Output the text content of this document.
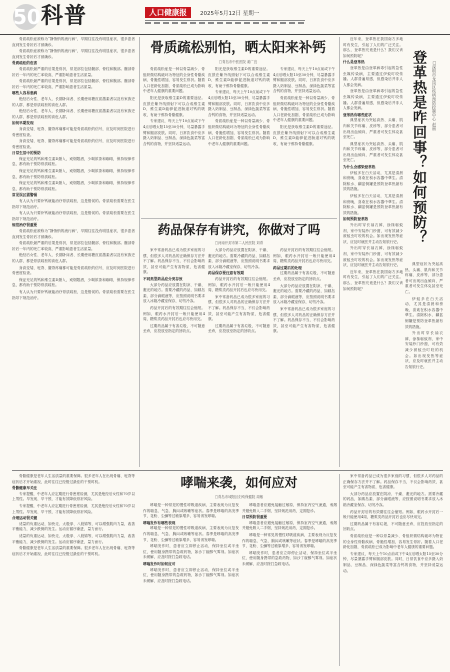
50 科普	人口健康报	2025年5月12日 星期一

骨质疏松症被称为“静悄悄的流行病”，早期往往没有明显症状，很多患者直到发生骨折后才被确诊。

骨质疏松症被称为“静悄悄的流行病”，早期往往没有明显症状，很多患者直到发生骨折后才被确诊。

骨质疏松的危害

骨质疏松最严重的后果是骨折，常见部位包括髋部、脊柱和腕部。髋部骨折后一年内的死亡率较高，严重影响患者生活质量。

骨质疏松最严重的后果是骨折，常见部位包括髋部、脊柱和腕部。髋部骨折后一年内的死亡率较高，严重影响患者生活质量。

哪些人容易患病

绝经后女性、老年人、长期卧床者、长期使用糖皮质激素者以及有家族史的人群，都是骨质疏松的高危人群。

绝经后女性、老年人、长期卧床者、长期使用糖皮质激素者以及有家族史的人群，都是骨质疏松的高危人群。

如何早期发现

身高变矮、驼背、腰背疼痛都可能是骨质疏松的信号，应及时到医院进行骨密度检查。

身高变矮、驼背、腰背疼痛都可能是骨质疏松的信号，应及时到医院进行骨密度检查。

日常生活中的预防

保证充足的钙和维生素D摄入，戒烟限酒，少喝浓茶和咖啡，保持规律作息，都有助于预防骨质疏松。

保证充足的钙和维生素D摄入，戒烟限酒，少喝浓茶和咖啡，保持规律作息，都有助于预防骨质疏松。

保证充足的钙和维生素D摄入，戒烟限酒，少喝浓茶和咖啡，保持规律作息，都有助于预防骨质疏松。

常见误区需警惕

有人认为只要补钙就能治疗骨质疏松，这是错误的。骨质疏松需要在医生指导下规范治疗。

有人认为只要补钙就能治疗骨质疏松，这是错误的。骨质疏松需要在医生指导下规范治疗。

规范治疗很重要

骨质疏松症被称为“静悄悄的流行病”，早期往往没有明显症状，很多患者直到发生骨折后才被确诊。

骨质疏松最严重的后果是骨折，常见部位包括髋部、脊柱和腕部。髋部骨折后一年内的死亡率较高，严重影响患者生活质量。

绝经后女性、老年人、长期卧床者、长期使用糖皮质激素者以及有家族史的人群，都是骨质疏松的高危人群。

身高变矮、驼背、腰背疼痛都可能是骨质疏松的信号，应及时到医院进行骨密度检查。

保证充足的钙和维生素D摄入，戒烟限酒，少喝浓茶和咖啡，保持规律作息，都有助于预防骨质疏松。

有人认为只要补钙就能治疗骨质疏松，这是错误的。骨质疏松需要在医生指导下规范治疗。

骨质疏松别怕，晒太阳来补钙
□青岛市中医医院 姜广宜

骨质疏松症是一种以骨量减少、骨组织微结构破坏为特征的全身性骨骼疾病，骨脆性增加，容易发生骨折。随着人口老龄化加剧，骨质疏松已成为影响中老年人健康的重要问题。

阳光是获取维生素D的重要途径。皮肤在紫外线照射下可以合成维生素D，维生素D能够促进肠道对钙的吸收，有助于维持骨骼健康。

专家建议，每天上午10点前或下午4点后晒太阳15至30分钟，尽量暴露手臂和腿部皮肤。同时，日常饮食中应多摄入奶制品、豆制品、深绿色蔬菜等富含钙的食物，并坚持适量运动。

阳光是获取维生素D的重要途径。皮肤在紫外线照射下可以合成维生素D，维生素D能够促进肠道对钙的吸收，有助于维持骨骼健康。

专家建议，每天上午10点前或下午4点后晒太阳15至30分钟，尽量暴露手臂和腿部皮肤。同时，日常饮食中应多摄入奶制品、豆制品、深绿色蔬菜等富含钙的食物，并坚持适量运动。

骨质疏松症是一种以骨量减少、骨组织微结构破坏为特征的全身性骨骼疾病，骨脆性增加，容易发生骨折。随着人口老龄化加剧，骨质疏松已成为影响中老年人健康的重要问题。

专家建议，每天上午10点前或下午4点后晒太阳15至30分钟，尽量暴露手臂和腿部皮肤。同时，日常饮食中应多摄入奶制品、豆制品、深绿色蔬菜等富含钙的食物，并坚持适量运动。

骨质疏松症是一种以骨量减少、骨组织微结构破坏为特征的全身性骨骼疾病，骨脆性增加，容易发生骨折。随着人口老龄化加剧，骨质疏松已成为影响中老年人健康的重要问题。

阳光是获取维生素D的重要途径。皮肤在紫外线照射下可以合成维生素D，维生素D能够促进肠道对钙的吸收，有助于维持骨骼健康。

药品保存有讲究，你做对了吗
□河南开封市第二人民医院 刘青

家中常备药品已成为很多家庭的习惯，但很多人对药品的正确保存方法并不了解。药品保存不当，不仅会影响药效，甚至可能产生有害物质，危害健康。

不同类型药品应分类存放

大部分药品应放置在阴凉、干燥、避光的地方。需要冷藏的药品，如胰岛素、部分滴眼液等，应按照说明书要求放入冰箱冷藏室保存，切勿冷冻。

药品开封后的有效期往往会缩短。例如，眼药水开封后一般只能使用4周，糖浆类药品开封后也应尽快用完。

过期药品属于有害垃圾，不可随意丢弃，应投放至指定的回收点。

大部分药品应放置在阴凉、干燥、避光的地方。需要冷藏的药品，如胰岛素、部分滴眼液等，应按照说明书要求放入冰箱冷藏室保存，切勿冷冻。

药品保存要注意有效期

药品开封后的有效期往往会缩短。例如，眼药水开封后一般只能使用4周，糖浆类药品开封后也应尽快用完。

家中常备药品已成为很多家庭的习惯，但很多人对药品的正确保存方法并不了解。药品保存不当，不仅会影响药效，甚至可能产生有害物质，危害健康。

过期药品属于有害垃圾，不可随意丢弃，应投放至指定的回收点。

药品开封后的有效期往往会缩短。例如，眼药水开封后一般只能使用4周，糖浆类药品开封后也应尽快用完。

药品过期后的处理

过期药品属于有害垃圾，不可随意丢弃，应投放至指定的回收点。

大部分药品应放置在阴凉、干燥、避光的地方。需要冷藏的药品，如胰岛素、部分滴眼液等，应按照说明书要求放入冰箱冷藏室保存，切勿冷冻。

家中常备药品已成为很多家庭的习惯，但很多人对药品的正确保存方法并不了解。药品保存不当，不仅会影响药效，甚至可能产生有害物质，危害健康。

近年来，登革热在我国南方多地时有发生，引起了人们的广泛关注。那么，登革热究竟是什么？我们又该如何预防呢？

什么是登革热

登革热是由登革病毒引起的急性虫媒传染病，主要通过伊蚊叮咬传播。人群普遍易感，但感染后并非人人都会发病。

登革热是由登革病毒引起的急性虫媒传染病，主要通过伊蚊叮咬传播。人群普遍易感，但感染后并非人人都会发病。

登革热有哪些症状

典型症状为突起高热、头痛、肌肉和关节疼痛、皮疹等，部分患者可出现出血倾向，严重者可发生休克甚至死亡。

典型症状为突起高热、头痛、肌肉和关节疼痛、皮疹等，部分患者可出现出血倾向，严重者可发生休克甚至死亡。

为什么会感染登革热

伊蚊多在白天活动，尤其是清晨和傍晚，喜欢在积水容器中孳生。清除积水、翻盆倒罐是预防登革热最有效的措施。

伊蚊多在白天活动，尤其是清晨和傍晚，喜欢在积水容器中孳生。清除积水、翻盆倒罐是预防登革热最有效的措施。

如何预防登革热

外出时穿长袖衣裤，涂抹驱蚊剂，家中安装纱门纱窗，可有效减少被蚊虫叮咬的机会。如出现发热等症状，应及时就医并主动告知旅行史。

外出时穿长袖衣裤，涂抹驱蚊剂，家中安装纱门纱窗，可有效减少被蚊虫叮咬的机会。如出现发热等症状，应及时就医并主动告知旅行史。

近年来，登革热在我国南方多地时有发生，引起了人们的广泛关注。那么，登革热究竟是什么？我们又该如何预防呢？

登革热是咋回事？如何预防？	□深圳市龙岗区疾病预防控制中心 赵丽

典型症状为突起高热、头痛、肌肉和关节疼痛、皮疹等，部分患者可出现出血倾向，严重者可发生休克甚至死亡。

伊蚊多在白天活动，尤其是清晨和傍晚，喜欢在积水容器中孳生。清除积水、翻盆倒罐是预防登革热最有效的措施。

外出时穿长袖衣裤，涂抹驱蚊剂，家中安装纱门纱窗，可有效减少被蚊虫叮咬的机会。如出现发热等症状，应及时就医并主动告知旅行史。

骨骼健康是老年人生活质量的重要保障。很多老年人在出现骨痛、驼背等症状后才开始重视，此时往往已经错过最佳的干预时机。

骨骼健康早关注

专家提醒，中老年人应定期进行骨密度检测，尤其是绝经后女性和70岁以上男性。早发现、早干预，才能有效降低骨折风险。

专家提醒，中老年人应定期进行骨密度检测，尤其是绝经后女性和70岁以上男性。早发现、早干预，才能有效降低骨折风险。

合理运动很关键

适量的负重运动，如快走、太极拳、八段锦等，可以增强肌肉力量，改善平衡能力，减少跌倒的发生。运动应循序渐进，量力而行。

适量的负重运动，如快走、太极拳、八段锦等，可以增强肌肉力量，改善平衡能力，减少跌倒的发生。运动应循序渐进，量力而行。

骨骼健康是老年人生活质量的重要保障。很多老年人在出现骨痛、驼背等症状后才开始重视，此时往往已经错过最佳的干预时机。

哮喘来袭，如何应对
□青岛市城阳区妇幼保健院 周敏

哮喘是一种常见的慢性呼吸道疾病，主要表现为反复发作的喘息、气急、胸闷或咳嗽等症状。春季是哮喘的高发季节，花粉、尘螨等过敏原增多，容易诱发哮喘。

哮喘发作有哪些表现

哮喘是一种常见的慢性呼吸道疾病，主要表现为反复发作的喘息、气急、胸闷或咳嗽等症状。春季是哮喘的高发季节，花粉、尘螨等过敏原增多，容易诱发哮喘。

哮喘发作时，患者应立即停止活动，保持坐位或半坐位，使用随身携带的急救药物，如沙丁胺醇气雾剂。如症状未缓解，应及时拨打急救电话。

哮喘发作时如何应对

哮喘发作时，患者应立即停止活动，保持坐位或半坐位，使用随身携带的急救药物，如沙丁胺醇气雾剂。如症状未缓解，应及时拨打急救电话。

哮喘患者应避免接触过敏原，保持室内空气流通，戒烟并避免吸入二手烟，坚持规范用药，定期复诊。

日常预防很重要

哮喘患者应避免接触过敏原，保持室内空气流通，戒烟并避免吸入二手烟，坚持规范用药，定期复诊。

哮喘是一种常见的慢性呼吸道疾病，主要表现为反复发作的喘息、气急、胸闷或咳嗽等症状。春季是哮喘的高发季节，花粉、尘螨等过敏原增多，容易诱发哮喘。

哮喘发作时，患者应立即停止活动，保持坐位或半坐位，使用随身携带的急救药物，如沙丁胺醇气雾剂。如症状未缓解，应及时拨打急救电话。

家中常备药品已成为很多家庭的习惯，但很多人对药品的正确保存方法并不了解。药品保存不当，不仅会影响药效，甚至可能产生有害物质，危害健康。

大部分药品应放置在阴凉、干燥、避光的地方。需要冷藏的药品，如胰岛素、部分滴眼液等，应按照说明书要求放入冰箱冷藏室保存，切勿冷冻。

药品开封后的有效期往往会缩短。例如，眼药水开封后一般只能使用4周，糖浆类药品开封后也应尽快用完。

过期药品属于有害垃圾，不可随意丢弃，应投放至指定的回收点。

骨质疏松症是一种以骨量减少、骨组织微结构破坏为特征的全身性骨骼疾病，骨脆性增加，容易发生骨折。随着人口老龄化加剧，骨质疏松已成为影响中老年人健康的重要问题。

专家建议，每天上午10点前或下午4点后晒太阳15至30分钟，尽量暴露手臂和腿部皮肤。同时，日常饮食中应多摄入奶制品、豆制品、深绿色蔬菜等富含钙的食物，并坚持适量运动。
